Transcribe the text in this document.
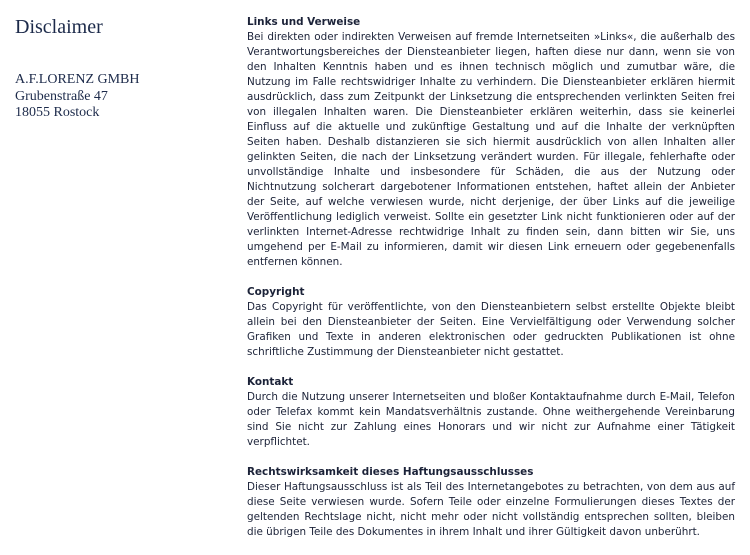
Disclaimer
A.F.LORENZ GMBH
Grubenstraße 47
18055 Rostock
Links und Verweise

Bei direkten oder indirekten Verweisen auf fremde Internetseiten »Links«, die außerhalb des Verantwortungsbereiches der Diensteanbieter liegen, haften diese nur dann, wenn sie von den Inhalten Kenntnis haben und es ihnen technisch möglich und zumutbar wäre, die Nutzung im Falle rechtswidriger Inhalte zu verhindern. Die Diensteanbieter erklären hiermit ausdrücklich, dass zum Zeitpunkt der Linksetzung die entsprechenden verlinkten Seiten frei von illegalen Inhalten waren. Die Diensteanbieter erklären weiterhin, dass sie keinerlei Einfluss auf die aktuelle und zukünftige Gestaltung und auf die Inhalte der verknüpften Seiten haben. Deshalb distanzieren sie sich hiermit ausdrücklich von allen Inhalten aller gelinkten Seiten, die nach der Linksetzung verändert wurden. Für illegale, fehlerhafte oder unvollständige Inhalte und insbesondere für Schäden, die aus der Nutzung oder Nichtnutzung solcherart dargebotener Informationen entstehen, haftet allein der Anbieter der Seite, auf welche verwiesen wurde, nicht derjenige, der über Links auf die jeweilige Veröffentlichung lediglich verweist. Sollte ein gesetzter Link nicht funktionieren oder auf der verlinkten Internet-Adresse rechtwidrige Inhalt zu finden sein, dann bitten wir Sie, uns umgehend per E-Mail zu informieren, damit wir diesen Link erneuern oder gegebenenfalls entfernen können.

Copyright

Das Copyright für veröffentlichte, von den Diensteanbietern selbst erstellte Objekte bleibt allein bei den Diensteanbieter der Seiten. Eine Vervielfältigung oder Verwendung solcher Grafiken und Texte in anderen elektronischen oder gedruckten Publikationen ist ohne schriftliche Zustimmung der Diensteanbieter nicht gestattet.

Kontakt

Durch die Nutzung unserer Internetseiten und bloßer Kontaktaufnahme durch E-Mail, Telefon oder Telefax kommt kein Mandatsverhältnis zustande. Ohne weithergehende Vereinbarung sind Sie nicht zur Zahlung eines Honorars und wir nicht zur Aufnahme einer Tätigkeit verpflichtet.

Rechtswirksamkeit dieses Haftungsausschlusses

Dieser Haftungsausschluss ist als Teil des Internetangebotes zu betrachten, von dem aus auf diese Seite verwiesen wurde. Sofern Teile oder einzelne Formulierungen dieses Textes der geltenden Rechtslage nicht, nicht mehr oder nicht vollständig entsprechen sollten, bleiben die übrigen Teile des Dokumentes in ihrem Inhalt und ihrer Gültigkeit davon unberührt.
